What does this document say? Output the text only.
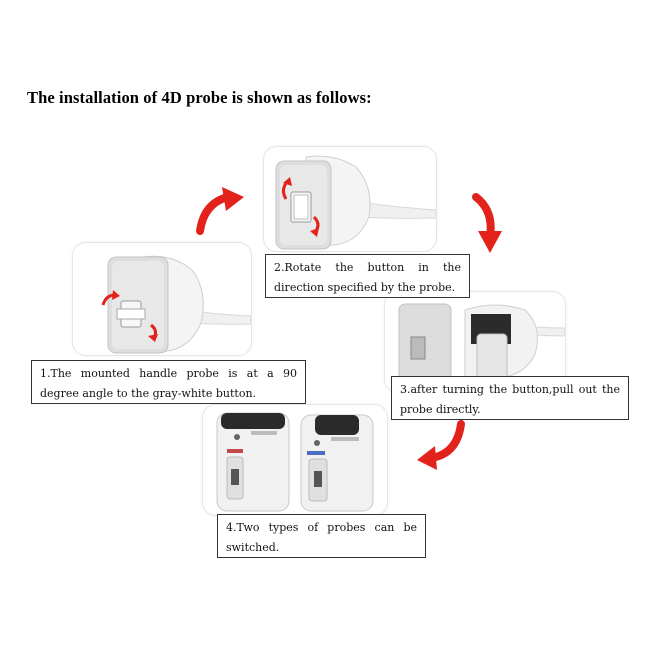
The installation of 4D probe is shown as follows:
2.Rotate the button in the direction specified by the probe.
1.The mounted handle probe is at a 90 degree angle to the gray-white button.	3.after turning the button,pull out the probe directly.
4.Two types of probes can be switched.
